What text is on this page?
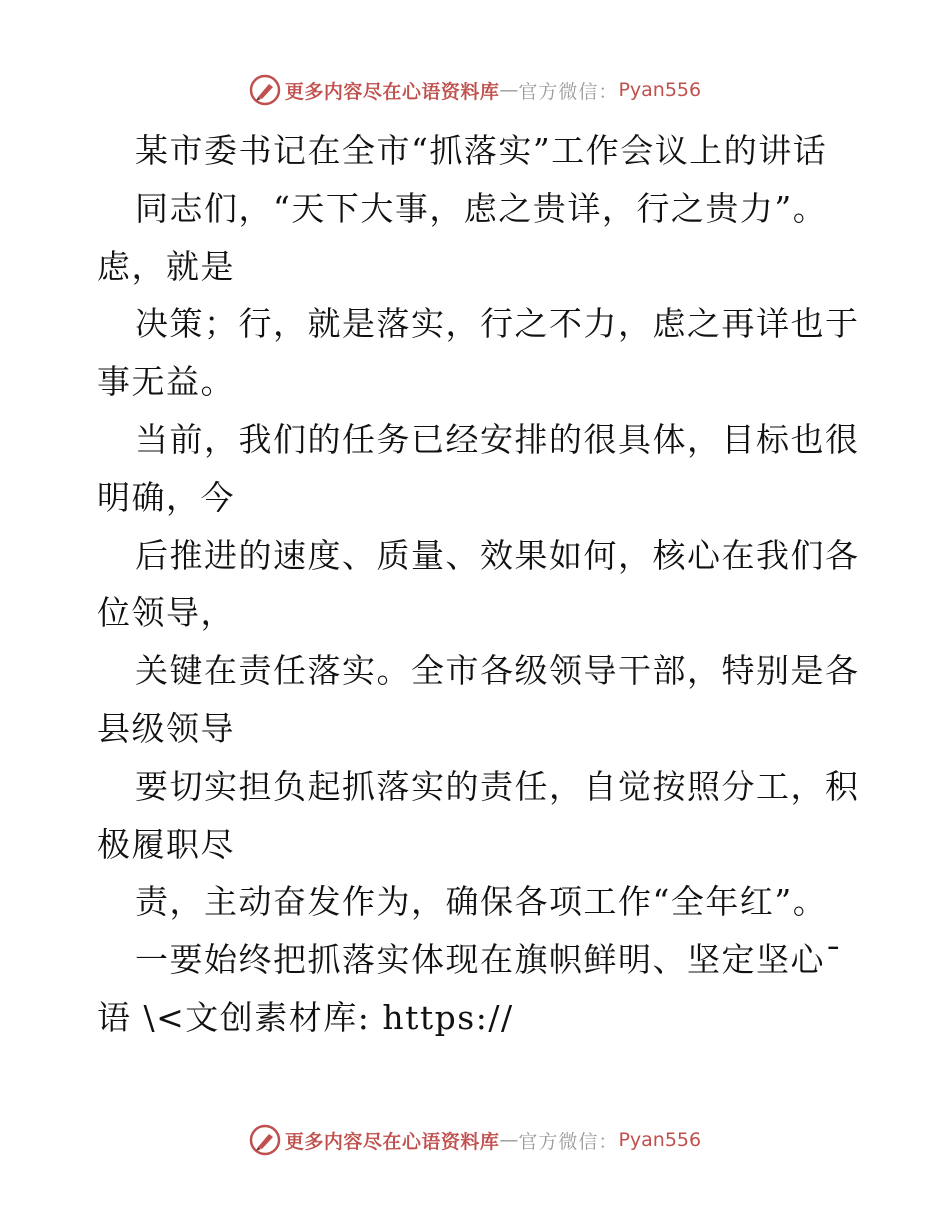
更多内容尽在心语资料库 — 官方微信： Pyan556
某市委书记在全市“抓落实”工作会议上的讲话
同志们，“天下大事，虑之贵详，行之贵力”。
虑，就是
决策；行，就是落实，行之不力，虑之再详也于
事无益。
当前，我们的任务已经安排的很具体，目标也很
明确，今
后推进的速度、质量、效果如何，核心在我们各
位领导，
关键在责任落实。全市各级领导干部，特别是各
县级领导
要切实担负起抓落实的责任，自觉按照分工，积
极履职尽
责，主动奋发作为，确保各项工作“全年红”。
一要始终把抓落实体现在旗帜鲜明、坚定坚心¯
语 \<文创素材库: https://
更多内容尽在心语资料库 — 官方微信： Pyan556
